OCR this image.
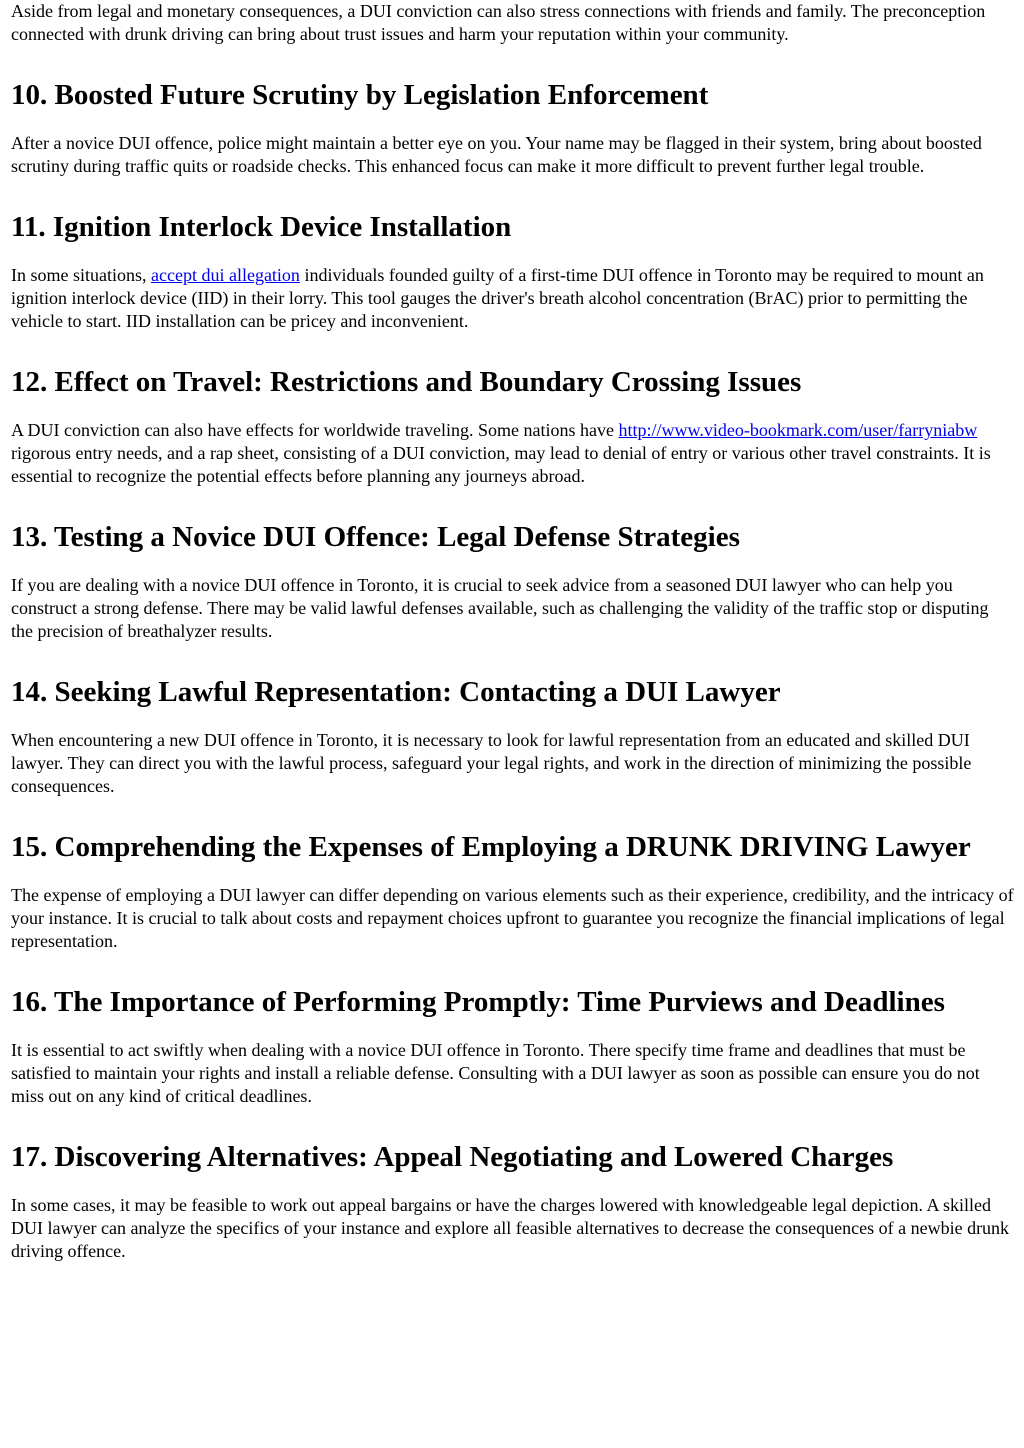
Aside from legal and monetary consequences, a DUI conviction can also stress connections with friends and family. The preconception connected with drunk driving can bring about trust issues and harm your reputation within your community.

10. Boosted Future Scrutiny by Legislation Enforcement

After a novice DUI offence, police might maintain a better eye on you. Your name may be flagged in their system, bring about boosted scrutiny during traffic quits or roadside checks. This enhanced focus can make it more difficult to prevent further legal trouble.

11. Ignition Interlock Device Installation

In some situations, accept dui allegation individuals founded guilty of a first-time DUI offence in Toronto may be required to mount an ignition interlock device (IID) in their lorry. This tool gauges the driver's breath alcohol concentration (BrAC) prior to permitting the vehicle to start. IID installation can be pricey and inconvenient.

12. Effect on Travel: Restrictions and Boundary Crossing Issues

A DUI conviction can also have effects for worldwide traveling. Some nations have http://www.video-bookmark.com/user/farryniabw rigorous entry needs, and a rap sheet, consisting of a DUI conviction, may lead to denial of entry or various other travel constraints. It is essential to recognize the potential effects before planning any journeys abroad.

13. Testing a Novice DUI Offence: Legal Defense Strategies

If you are dealing with a novice DUI offence in Toronto, it is crucial to seek advice from a seasoned DUI lawyer who can help you construct a strong defense. There may be valid lawful defenses available, such as challenging the validity of the traffic stop or disputing the precision of breathalyzer results.

14. Seeking Lawful Representation: Contacting a DUI Lawyer

When encountering a new DUI offence in Toronto, it is necessary to look for lawful representation from an educated and skilled DUI lawyer. They can direct you with the lawful process, safeguard your legal rights, and work in the direction of minimizing the possible consequences.

15. Comprehending the Expenses of Employing a DRUNK DRIVING Lawyer

The expense of employing a DUI lawyer can differ depending on various elements such as their experience, credibility, and the intricacy of your instance. It is crucial to talk about costs and repayment choices upfront to guarantee you recognize the financial implications of legal representation.

16. The Importance of Performing Promptly: Time Purviews and Deadlines

It is essential to act swiftly when dealing with a novice DUI offence in Toronto. There specify time frame and deadlines that must be satisfied to maintain your rights and install a reliable defense. Consulting with a DUI lawyer as soon as possible can ensure you do not miss out on any kind of critical deadlines.

17. Discovering Alternatives: Appeal Negotiating and Lowered Charges

In some cases, it may be feasible to work out appeal bargains or have the charges lowered with knowledgeable legal depiction. A skilled DUI lawyer can analyze the specifics of your instance and explore all feasible alternatives to decrease the consequences of a newbie drunk driving offence.
